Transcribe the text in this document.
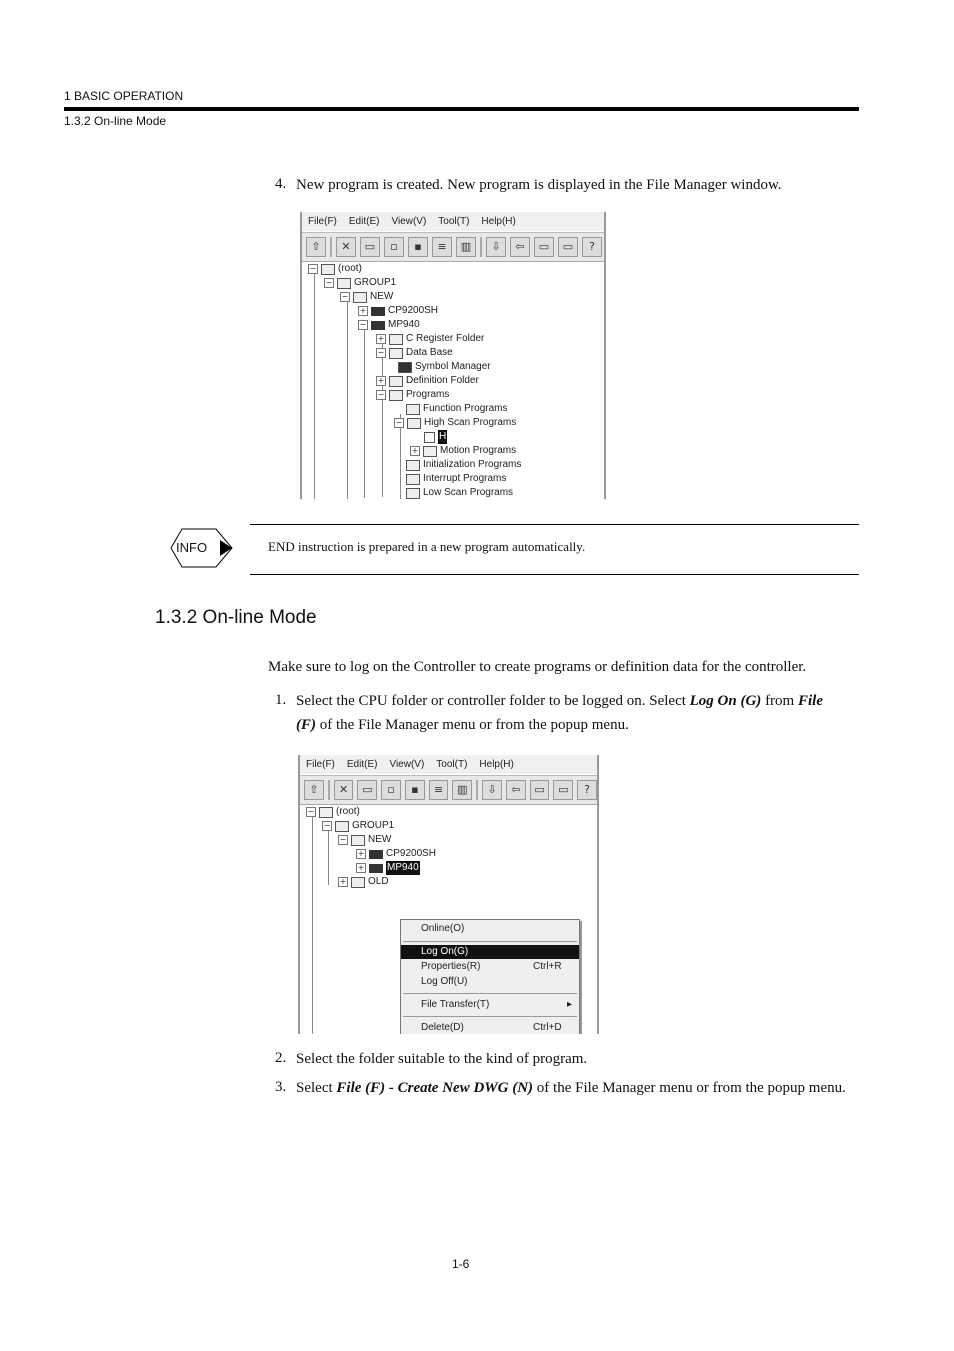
1 BASIC OPERATION
1.3.2 On-line Mode
4. New program is created. New program is displayed in the File Manager window.
File(F) Edit(E) View(V) Tool(T) Help(H)
⇧	✕	▭	▫	▪	≡	▥	⇩	⇦	▭	▭	?
− (root)
− GROUP1
− NEW
+ CP9200SH
− MP940
+ C Register Folder
− Data Base
Symbol Manager
+ Definition Folder
− Programs
Function Programs
− High Scan Programs
H
+ Motion Programs
Initialization Programs
Interrupt Programs
Low Scan Programs
INFO	END instruction is prepared in a new program automatically.
1.3.2 On-line Mode
Make sure to log on the Controller to create programs or definition data for the controller.
1. Select the CPU folder or controller folder to be logged on. Select Log On (G) from File
(F) of the File Manager menu or from the popup menu.
File(F) Edit(E) View(V) Tool(T) Help(H)
⇧	✕	▭	▫	▪	≡	▥	⇩	⇦	▭	▭	?
− (root)
− GROUP1
− NEW
+ CP9200SH
+ MP940
+ OLD
Online(O)
Log On(G)
Properties(R)	Ctrl+R
Log Off(U)
File Transfer(T)	▸
Delete(D)	Ctrl+D
2. Select the folder suitable to the kind of program.
3. Select File (F) - Create New DWG (N) of the File Manager menu or from the popup menu.
1-6
